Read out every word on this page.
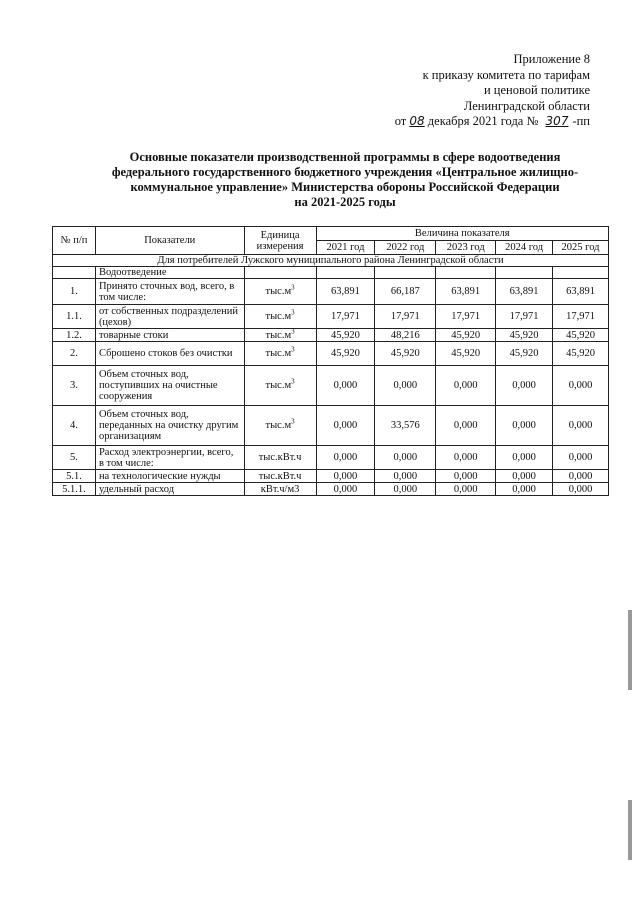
Приложение 8
к приказу комитета по тарифам
и ценовой политике
Ленинградской области
от 08 декабря 2021 года № 307 -пп
Основные показатели производственной программы в сфере водоотведения
федерального государственного бюджетного учреждения «Центральное жилищно-
коммунальное управление» Министерства обороны Российской Федерации
на 2021-2025 годы
№ п/п	Показатели	Единица измерения	Величина показателя				
			2021 год	2022 год	2023 год	2024 год	2025 год
Для потребителей Лужского муниципального района Ленинградской области							
	Водоотведение						
1.	Принято сточных вод, всего, в том числе:	$тыс.м^3$	63,891	66,187	63,891	63,891	63,891
1.1.	от собственных подразделений (цехов)	$тыс.м^3$	17,971	17,971	17,971	17,971	17,971
1.2.	товарные стоки	$тыс.м^3$	45,920	48,216	45,920	45,920	45,920
2.	Сброшено стоков без очистки	$тыс.м^3$	45,920	45,920	45,920	45,920	45,920
3.	Объем сточных вод, поступивших на очистные сооружения	$тыс.м^3$	0,000	0,000	0,000	0,000	0,000
4.	Объем сточных вод, переданных на очистку другим организациям	$тыс.м^3$	0,000	33,576	0,000	0,000	0,000
5.	Расход электроэнергии, всего, в том числе:	тыс.кВт.ч	0,000	0,000	0,000	0,000	0,000
5.1.	на технологические нужды	тыс.кВт.ч	0,000	0,000	0,000	0,000	0,000
5.1.1.	удельный расход	кВт.ч/м3	0,000	0,000	0,000	0,000	0,000
